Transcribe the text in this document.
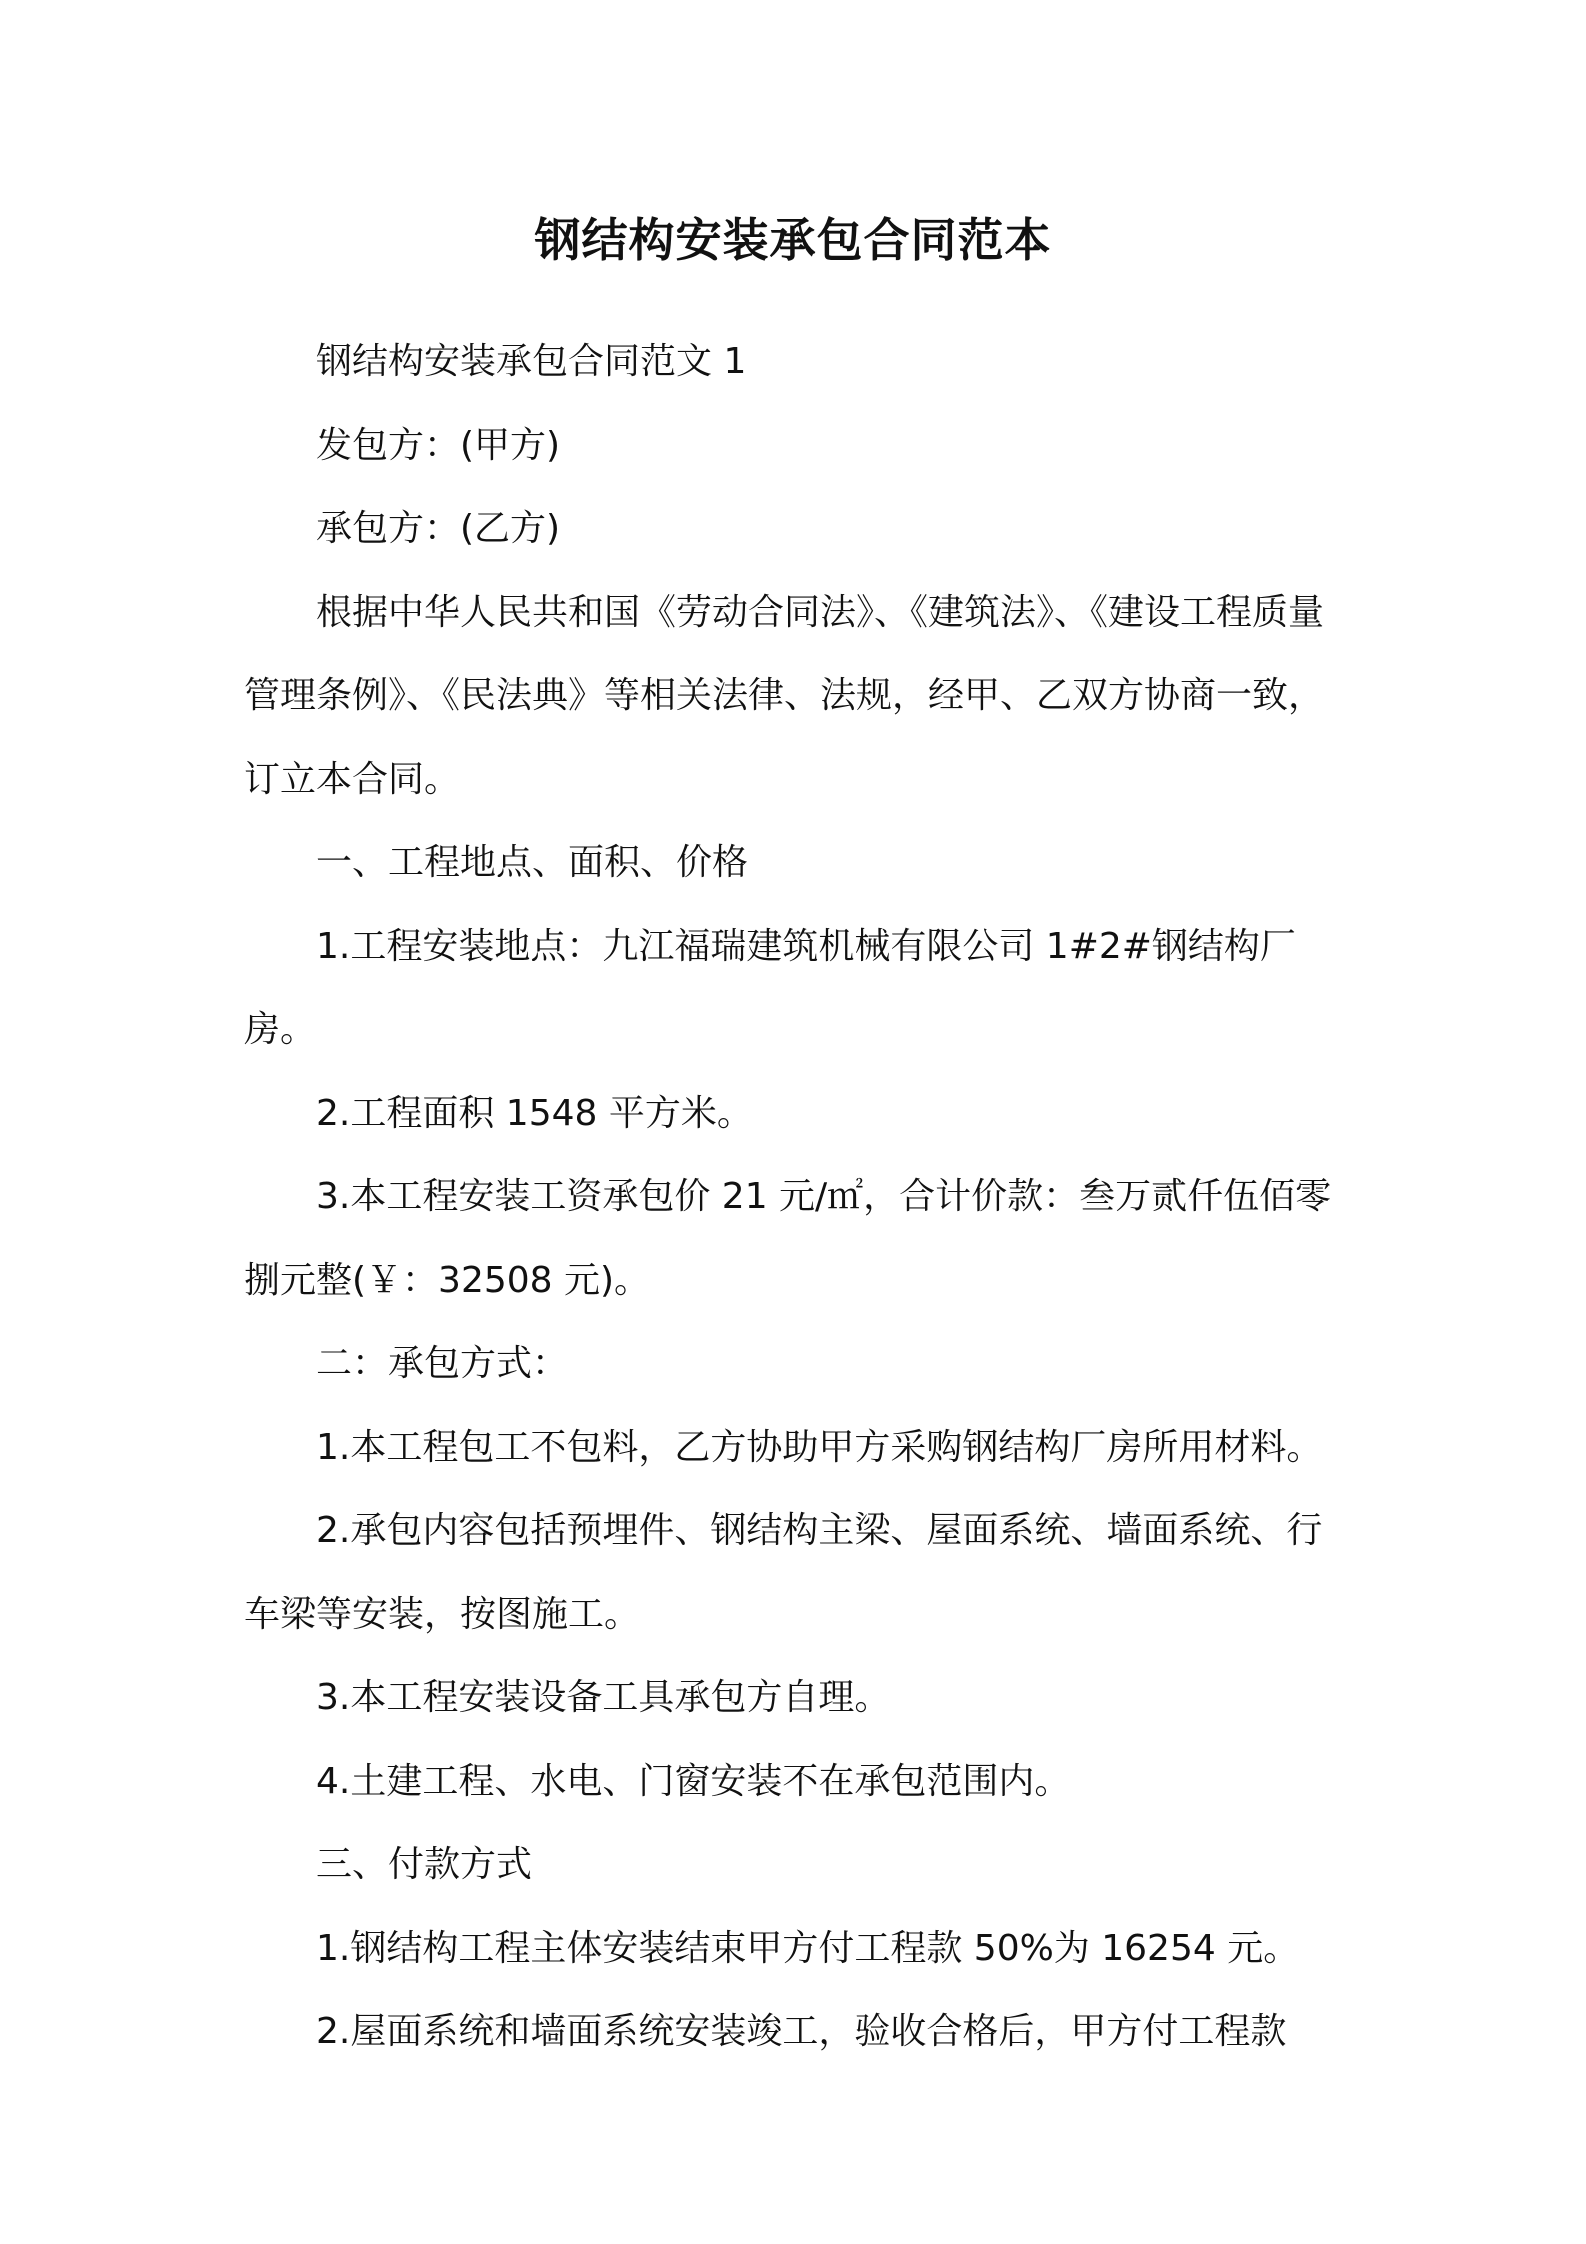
钢结构安装承包合同范本

钢结构安装承包合同范文 1

发包方：(甲方)

承包方：(乙方)

根据中华人民共和国《劳动合同法》、《建筑法》、《建设工程质量管理条例》、《民法典》等相关法律、法规，经甲、乙双方协商一致，订立本合同。

一、工程地点、面积、价格

1.工程安装地点：九江福瑞建筑机械有限公司 1#2#钢结构厂房。

2.工程面积 1548 平方米。

3.本工程安装工资承包价 21 元/㎡，合计价款：叁万贰仟伍佰零捌元整(￥：32508 元)。

二：承包方式：

1.本工程包工不包料，乙方协助甲方采购钢结构厂房所用材料。

2.承包内容包括预埋件、钢结构主梁、屋面系统、墙面系统、行车梁等安装，按图施工。

3.本工程安装设备工具承包方自理。

4.土建工程、水电、门窗安装不在承包范围内。

三、付款方式

1.钢结构工程主体安装结束甲方付工程款 50%为 16254 元。

2.屋面系统和墙面系统安装竣工，验收合格后，甲方付工程款
